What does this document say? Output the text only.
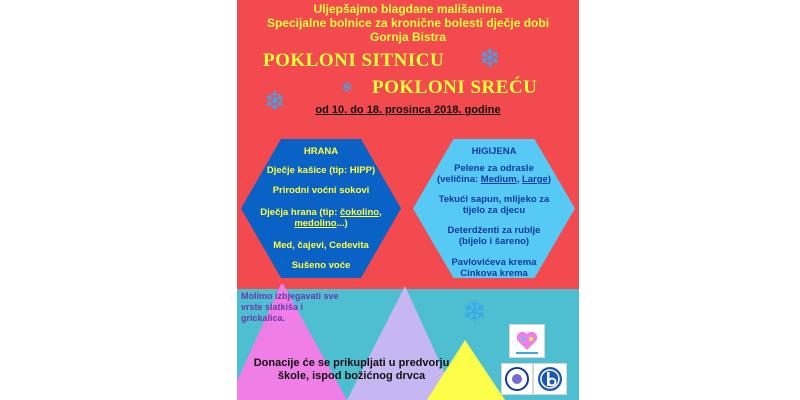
Uljepšajmo blagdane mališanima
Specijalne bolnice za kronične bolesti dječje dobi
Gornja Bistra
POKLONI SITNICU
POKLONI SREĆU
❄
❄
❄	od 10. do 18. prosinca 2018. godine
HRANA
Dječje kašice (tip: HIPP)
Prirodni voćni sokovi
Dječja hrana (tip: čokolino, medolino...)
Med, čajevi, Cedevita
Sušeno voće
HIGIJENA
Pelene za odrasle
(veličina: Medium, Large)
Tekući sapun, mlijeko za tijelo za djecu
Deterdženti za rublje (bijelo i šareno)
Pavlovićeva krema
Cinkova krema
Molimo izbjegavati sve vrste slatkiša i grickalica.
Donacije će se prikupljati u predvorju škole, ispod božićnog drvca
❄
